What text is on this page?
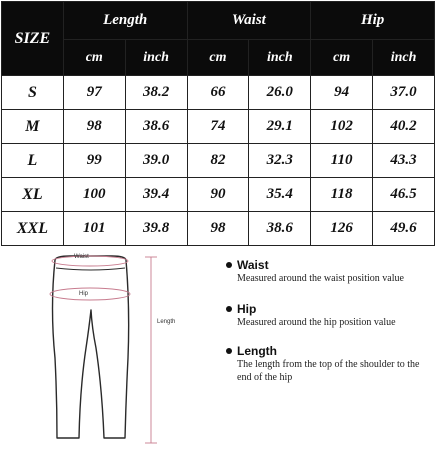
SIZE	Length		Waist		Hip	
	cm	inch	cm	inch	cm	inch
S	97	38.2	66	26.0	94	37.0
M	98	38.6	74	29.1	102	40.2
L	99	39.0	82	32.3	110	43.3
XL	100	39.4	90	35.4	118	46.5
XXL	101	39.8	98	38.6	126	49.6
Waist
Hip
Length
Waist
Measured around the waist position value
Hip
Measured around the hip position value
Length
The length from the top of the shoulder to the end of the hip
